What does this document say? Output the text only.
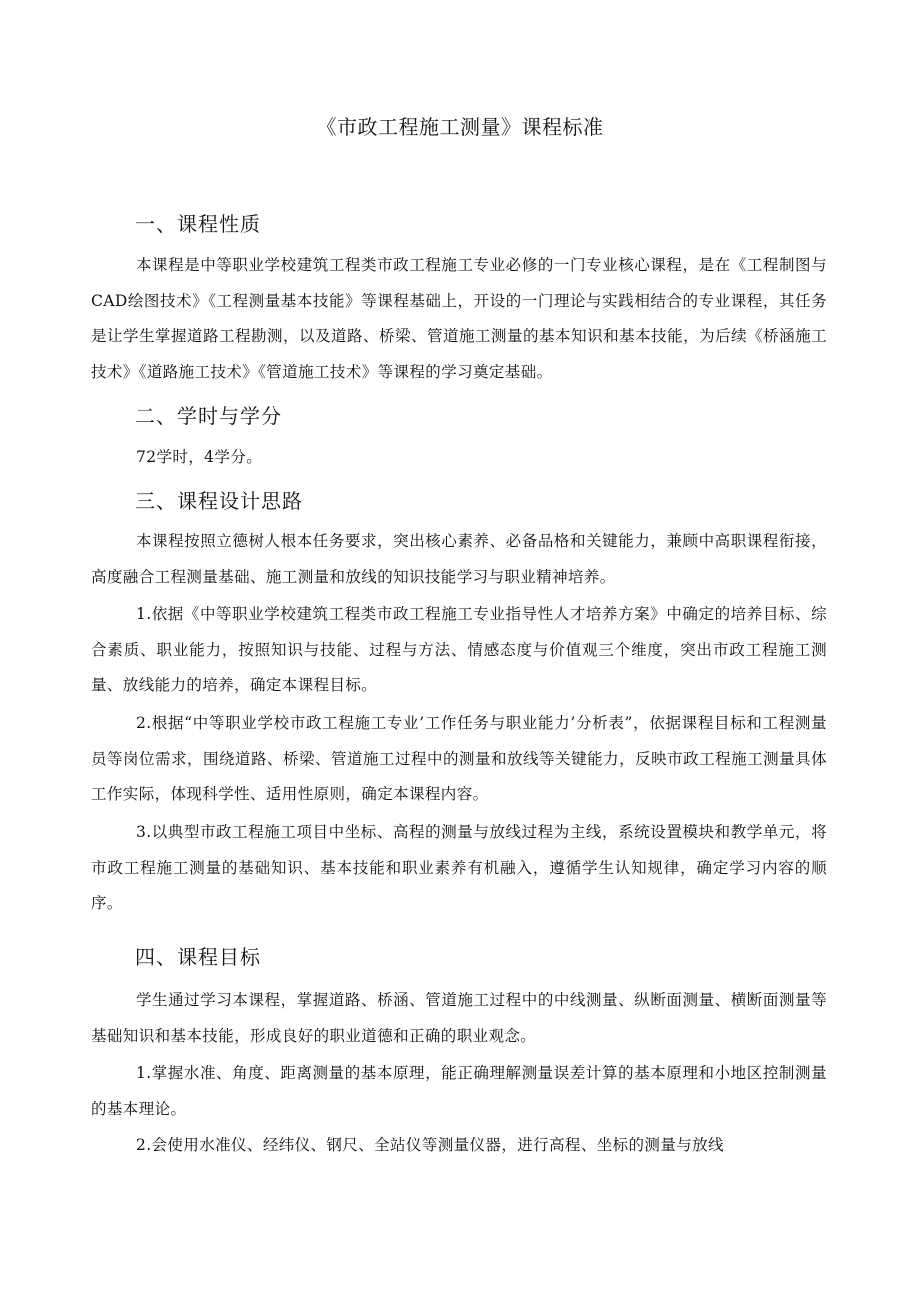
《市政工程施工测量》课程标准
一、课程性质
本课程是中等职业学校建筑工程类市政工程施工专业必修的一门专业核心课程，是在《工程制图与CAD绘图技术》《工程测量基本技能》等课程基础上，开设的一门理论与实践相结合的专业课程，其任务是让学生掌握道路工程勘测，以及道路、桥梁、管道施工测量的基本知识和基本技能，为后续《桥涵施工技术》《道路施工技术》《管道施工技术》等课程的学习奠定基础。
二、学时与学分
72学时，4学分。
三、课程设计思路
本课程按照立德树人根本任务要求，突出核心素养、必备品格和关键能力，兼顾中高职课程衔接，高度融合工程测量基础、施工测量和放线的知识技能学习与职业精神培养。
1.依据《中等职业学校建筑工程类市政工程施工专业指导性人才培养方案》中确定的培养目标、综合素质、职业能力，按照知识与技能、过程与方法、情感态度与价值观三个维度，突出市政工程施工测量、放线能力的培养，确定本课程目标。
2.根据“中等职业学校市政工程施工专业’工作任务与职业能力’分析表”，依据课程目标和工程测量员等岗位需求，围绕道路、桥梁、管道施工过程中的测量和放线等关键能力，反映市政工程施工测量具体工作实际，体现科学性、适用性原则，确定本课程内容。
3.以典型市政工程施工项目中坐标、高程的测量与放线过程为主线，系统设置模块和教学单元，将市政工程施工测量的基础知识、基本技能和职业素养有机融入，遵循学生认知规律，确定学习内容的顺序。
四、课程目标
学生通过学习本课程，掌握道路、桥涵、管道施工过程中的中线测量、纵断面测量、横断面测量等基础知识和基本技能，形成良好的职业道德和正确的职业观念。
1.掌握水准、角度、距离测量的基本原理，能正确理解测量误差计算的基本原理和小地区控制测量的基本理论。
2.会使用水准仪、经纬仪、钢尺、全站仪等测量仪器，进行高程、坐标的测量与放线
